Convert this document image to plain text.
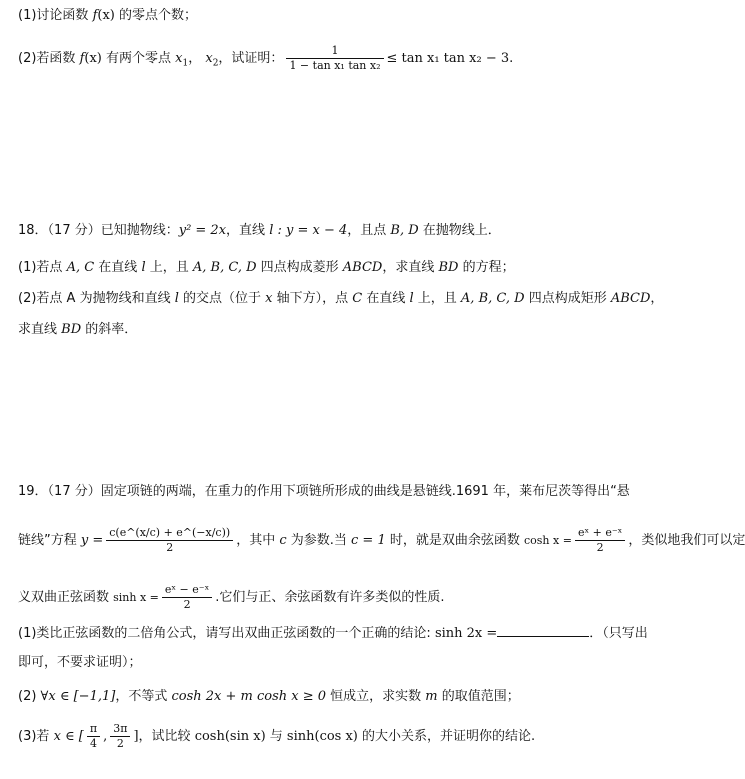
(1)讨论函数 f(x) 的零点个数；
(2)若函数 f(x) 有两个零点 $x_1$， $x_2$，试证明： $\frac{1}{\text{1 − tan x₁ tan x₂}} \le \tan x_1$ tan x₂ − 3.
18．（17 分）已知抛物线：y² = 2x，直线 l : y = x − 4，且点 B, D 在抛物线上．
(1)若点 A, C 在直线 l 上，且 A, B, C, D 四点构成菱形 ABCD，求直线 BD 的方程；
(2)若点 A 为抛物线和直线 l 的交点（位于 x 轴下方），点 C 在直线 l 上，且 A, B, C, D 四点构成矩形 ABCD，
求直线 BD 的斜率．
19．（17 分）固定项链的两端，在重力的作用下项链所形成的曲线是悬链线.1691 年，莱布尼茨等得出“悬
链线”方程 $y = \frac{c(e\^{}(x/c) + e\^{}(-x/c))}{2}$ ，其中 c 为参数.当 c = 1 时，就是双曲余弦函数 $\cosh x = \frac{\text{eˣ + e⁻ˣ}}{2}$ ，类似地我们可以定
义双曲正弦函数 $\sinh x = \frac{\text{eˣ − e⁻ˣ}}{2}$ .它们与正、余弦函数有许多类似的性质.
(1)类比正弦函数的二倍角公式，请写出双曲正弦函数的一个正确的结论: sinh 2x =	．（只写出
即可，不要求证明）；
(2) ∀x ∈ [−1,1]，不等式 cosh 2x + m cosh x ≥ 0 恒成立，求实数 m 的取值范围；
(3)若 x ∈ [ $\frac{\pi}{4}$ , $\frac{3\pi}{2}$ ]，试比较 cosh(sin x) 与 sinh(cos x) 的大小关系，并证明你的结论.
